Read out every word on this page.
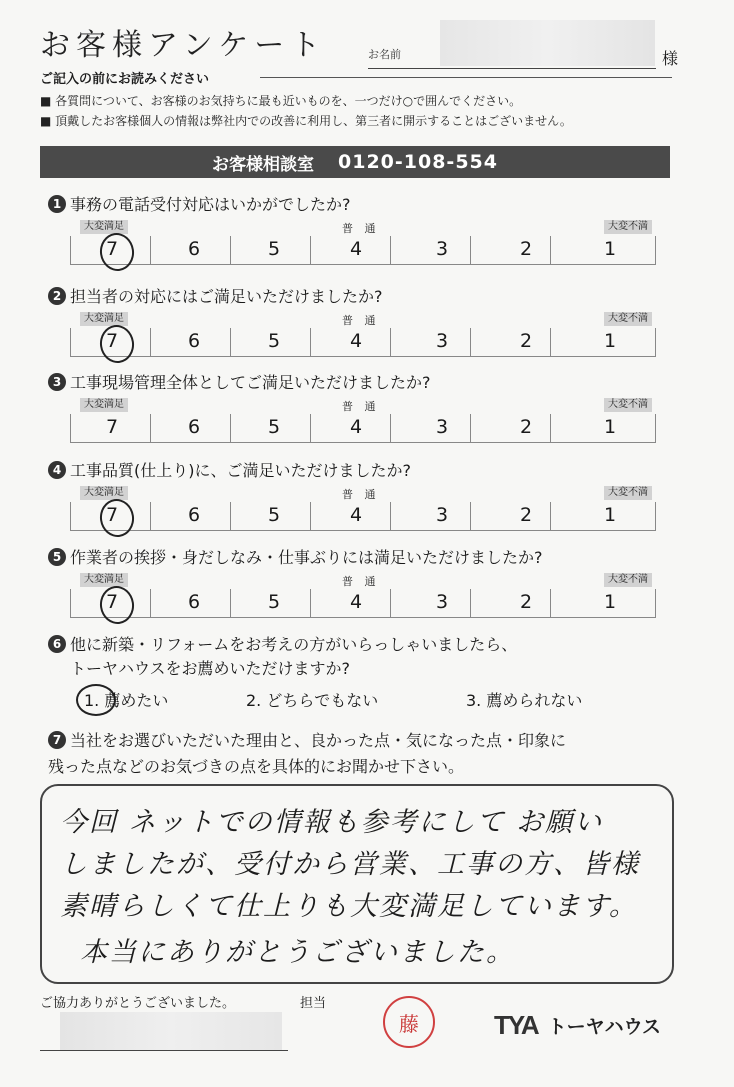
お客様アンケート	お名前	様
ご記入の前にお読みください
■ 各質問について、お客様のお気持ちに最も近いものを、一つだけ○で囲んでください。
■ 頂戴したお客様個人の情報は弊社内での改善に利用し、第三者に開示することはございません。
お客様相談室 0120-108-554
1 事務の電話受付対応はいかがでしたか?
大変満足	普 通	大変不満
7	6	5	4	3	2	1
2 担当者の対応にはご満足いただけましたか?
大変満足	普 通	大変不満
7	6	5	4	3	2	1
3 工事現場管理全体としてご満足いただけましたか?
大変満足	普 通	大変不満
7	6	5	4	3	2	1
4 工事品質(仕上り)に、ご満足いただけましたか?
大変満足	普 通	大変不満
7	6	5	4	3	2	1
5 作業者の挨拶・身だしなみ・仕事ぶりには満足いただけましたか?
大変満足	普 通	大変不満
7	6	5	4	3	2	1
6 他に新築・リフォームをお考えの方がいらっしゃいましたら、
トーヤハウスをお薦めいただけますか?
1. 薦めたい	2. どちらでもない	3. 薦められない
7 当社をお選びいただいた理由と、良かった点・気になった点・印象に
残った点などのお気づきの点を具体的にお聞かせ下さい。
今回 ネットでの情報も参考にして お願い
しましたが、受付から営業、工事の方、皆様
素晴らしくて仕上りも大変満足しています。
本当にありがとうございました。
ご協力ありがとうございました。	担当
藤	TYA トーヤハウス
